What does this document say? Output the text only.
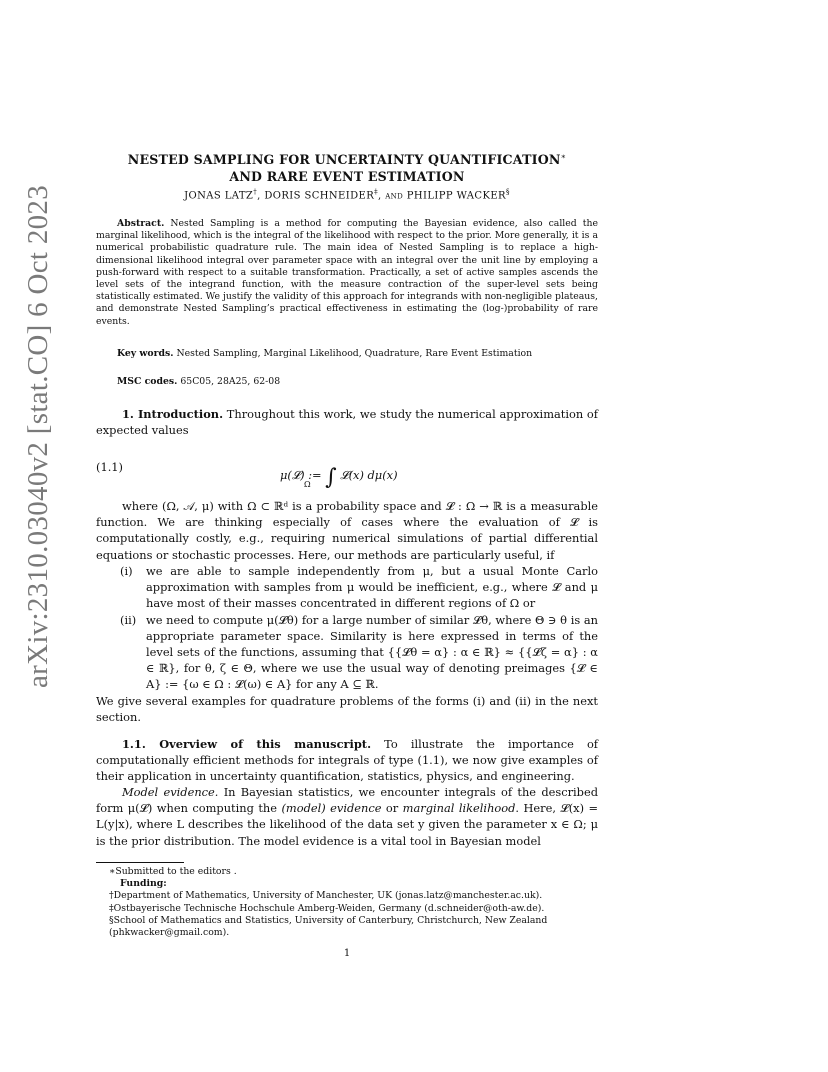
arXiv:2310.03040v2 [stat.CO] 6 Oct 2023
NESTED SAMPLING FOR UNCERTAINTY QUANTIFICATION∗
AND RARE EVENT ESTIMATION
JONAS LATZ†, DORIS SCHNEIDER‡, and PHILIPP WACKER§

Abstract. Nested Sampling is a method for computing the Bayesian evidence, also called the marginal likelihood, which is the integral of the likelihood with respect to the prior. More generally, it is a numerical probabilistic quadrature rule. The main idea of Nested Sampling is to replace a high-dimensional likelihood integral over parameter space with an integral over the unit line by employing a push-forward with respect to a suitable transformation. Practically, a set of active samples ascends the level sets of the integrand function, with the measure contraction of the super-level sets being statistically estimated. We justify the validity of this approach for integrands with non-negligible plateaus, and demonstrate Nested Sampling’s practical effectiveness in estimating the (log-)probability of rare events.

Key words. Nested Sampling, Marginal Likelihood, Quadrature, Rare Event Estimation
MSC codes. 65C05, 28A25, 62-08

1. Introduction. Throughout this work, we study the numerical approximation of expected values

(1.1)
μ(𝓛) := ∫ 𝓛(x) dμ(x)
Ω

where (Ω, 𝒜, μ) with Ω ⊂ ℝᵈ is a probability space and 𝓛 : Ω → ℝ is a measurable function. We are thinking especially of cases where the evaluation of 𝓛 is computationally costly, e.g., requiring numerical simulations of partial differential equations or stochastic processes. Here, our methods are particularly useful, if

(i) we are able to sample independently from μ, but a usual Monte Carlo approximation with samples from μ would be inefficient, e.g., where 𝓛 and μ have most of their masses concentrated in different regions of Ω or
(ii) we need to compute μ(𝓛θ) for a large number of similar 𝓛θ, where Θ ∋ θ is an appropriate parameter space. Similarity is here expressed in terms of the level sets of the functions, assuming that {{𝓛θ = α} : α ∈ ℝ} ≈ {{𝓛ζ = α} : α ∈ ℝ}, for θ, ζ ∈ Θ, where we use the usual way of denoting preimages {𝓛 ∈ A} := {ω ∈ Ω : 𝓛(ω) ∈ A} for any A ⊆ ℝ.

We give several examples for quadrature problems of the forms (i) and (ii) in the next section.

1.1. Overview of this manuscript. To illustrate the importance of computationally efficient methods for integrals of type (1.1), we now give examples of their application in uncertainty quantification, statistics, physics, and engineering.

Model evidence. In Bayesian statistics, we encounter integrals of the described form μ(𝓛) when computing the (model) evidence or marginal likelihood. Here, 𝓛(x) = L(y|x), where L describes the likelihood of the data set y given the parameter x ∈ Ω; μ is the prior distribution. The model evidence is a vital tool in Bayesian model

∗Submitted to the editors .

Funding:

†Department of Mathematics, University of Manchester, UK (jonas.latz@manchester.ac.uk).

‡Ostbayerische Technische Hochschule Amberg-Weiden, Germany (d.schneider@oth-aw.de).

§School of Mathematics and Statistics, University of Canterbury, Christchurch, New Zealand (phkwacker@gmail.com).

1
